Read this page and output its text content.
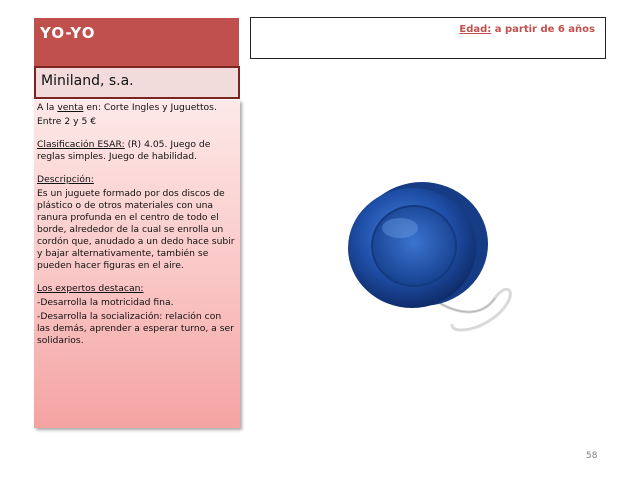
YO-YO	Edad: a partir de 6 años
Miniland, s.a.

A la venta en: Corte Ingles y Juguettos.

Entre 2 y 5 €

Clasificación ESAR: (R) 4.05. Juego de reglas simples. Juego de habilidad.

Descripción:

Es un juguete formado por dos discos de plástico o de otros materiales con una ranura profunda en el centro de todo el borde, alrededor de la cual se enrolla un cordón que, anudado a un dedo hace subir y bajar alternativamente, también se pueden hacer figuras en el aire.

Los expertos destacan:

-Desarrolla la motricidad fina.

-Desarrolla la socialización: relación con las demás, aprender a esperar turno, a ser solidarios.

58
